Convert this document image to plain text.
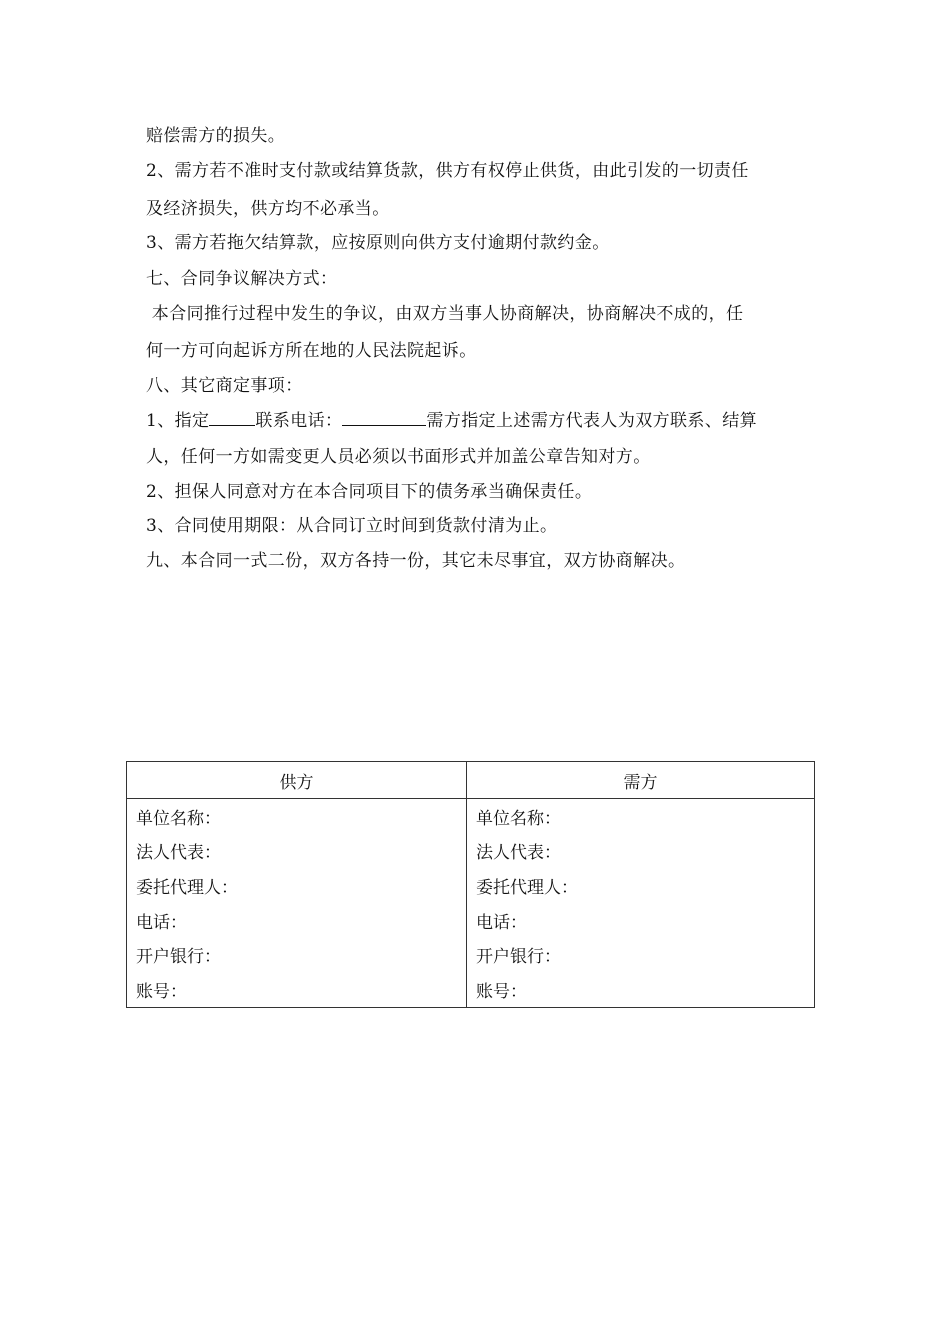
赔偿需方的损失。
2、需方若不准时支付款或结算货款，供方有权停止供货，由此引发的一切责任
及经济损失，供方均不必承当。
3、需方若拖欠结算款，应按原则向供方支付逾期付款约金。
七、合同争议解决方式：
本合同推行过程中发生的争议，由双方当事人协商解决，协商解决不成的，任
何一方可向起诉方所在地的人民法院起诉。
八、其它商定事项：
1、指定	联系电话：	需方指定上述需方代表人为双方联系、结算
人，任何一方如需变更人员必须以书面形式并加盖公章告知对方。
2、担保人同意对方在本合同项目下的债务承当确保责任。
3、合同使用期限：从合同订立时间到货款付清为止。
九、本合同一式二份，双方各持一份，其它未尽事宜，双方协商解决。
供方	需方
单位名称：	单位名称：
法人代表：	法人代表：
委托代理人：	委托代理人：
电话：	电话：
开户银行：	开户银行：
账号：	账号：
